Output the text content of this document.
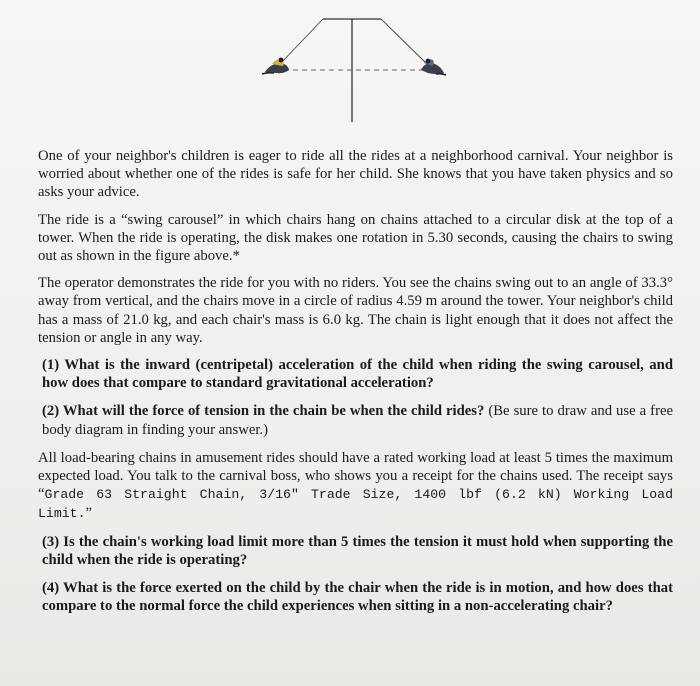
One of your neighbor's children is eager to ride all the rides at a neighborhood carnival. Your neighbor is worried about whether one of the rides is safe for her child. She knows that you have taken physics and so asks your advice.

The ride is a “swing carousel” in which chairs hang on chains attached to a circular disk at the top of a tower. When the ride is operating, the disk makes one rotation in 5.30 seconds, causing the chairs to swing out as shown in the figure above.*

The operator demonstrates the ride for you with no riders. You see the chains swing out to an angle of 33.3° away from vertical, and the chairs move in a circle of radius 4.59 m around the tower. Your neighbor's child has a mass of 21.0 kg, and each chair's mass is 6.0 kg. The chain is light enough that it does not affect the tension or angle in any way.

(1) What is the inward (centripetal) acceleration of the child when riding the swing carousel, and how does that compare to standard gravitational acceleration?

(2) What will the force of tension in the chain be when the child rides? (Be sure to draw and use a free body diagram in finding your answer.)

All load-bearing chains in amusement rides should have a rated working load at least 5 times the maximum expected load. You talk to the carnival boss, who shows you a receipt for the chains used. The receipt says “Grade 63 Straight Chain, 3/16" Trade Size, 1400 lbf (6.2 kN) Working Load Limit.”

(3) Is the chain's working load limit more than 5 times the tension it must hold when supporting the child when the ride is operating?

(4) What is the force exerted on the child by the chair when the ride is in motion, and how does that compare to the normal force the child experiences when sitting in a non-accelerating chair?
